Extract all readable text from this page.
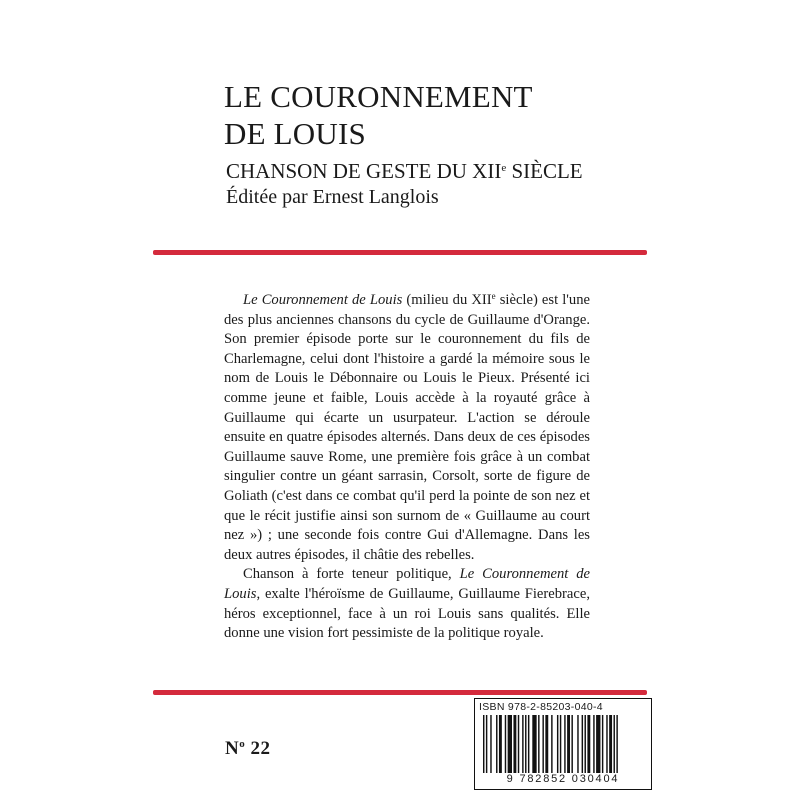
LE COURONNEMENT
DE LOUIS
CHANSON DE GESTE DU XIIe SIÈCLE
Éditée par Ernest Langlois

Le Couronnement de Louis (milieu du XIIe siècle) est l'une des plus anciennes chansons du cycle de Guillaume d'Orange. Son premier épisode porte sur le couronnement du fils de Charlemagne, celui dont l'histoire a gardé la mémoire sous le nom de Louis le Débonnaire ou Louis le Pieux. Présenté ici comme jeune et faible, Louis accède à la royauté grâce à Guillaume qui écarte un usurpateur. L'action se déroule ensuite en quatre épisodes alternés. Dans deux de ces épisodes Guillaume sauve Rome, une première fois grâce à un combat singulier contre un géant sarrasin, Corsolt, sorte de figure de Goliath (c'est dans ce combat qu'il perd la pointe de son nez et que le récit justifie ainsi son surnom de « Guillaume au court nez ») ; une seconde fois contre Gui d'Allemagne. Dans les deux autres épisodes, il châtie des rebelles.

Chanson à forte teneur politique, Le Couronnement de Louis, exalte l'héroïsme de Guillaume, Guillaume Fierebrace, héros exceptionnel, face à un roi Louis sans qualités. Elle donne une vision fort pessimiste de la politique royale.

$N^o$ 22
ISBN 978-2-85203-040-4
9 782852 030404
